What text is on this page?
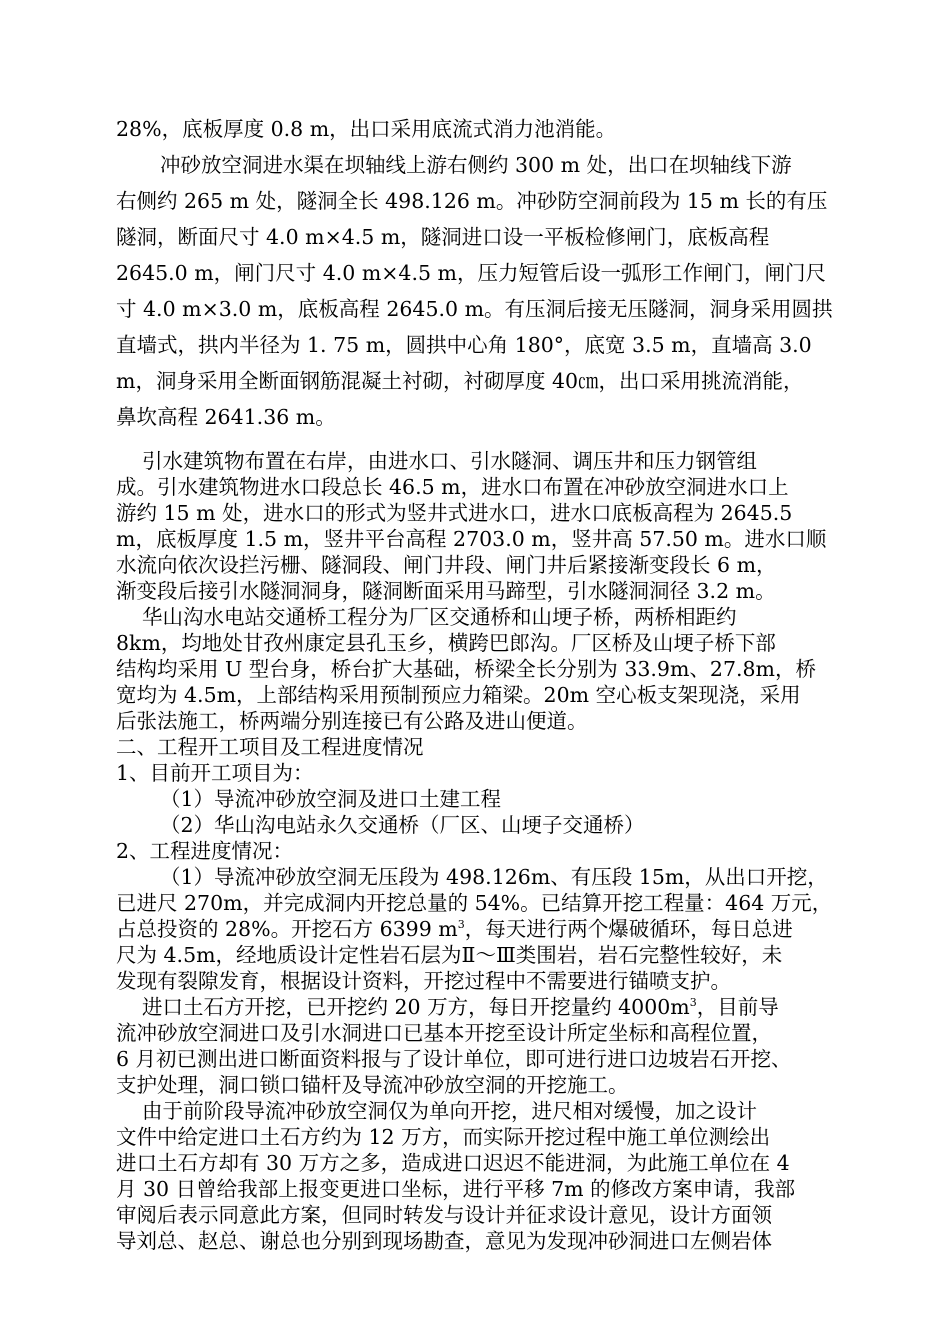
28%，底板厚度 0.8 m，出口采用底流式消力池消能。
冲砂放空洞进水渠在坝轴线上游右侧约 300 m 处，出口在坝轴线下游
右侧约 265 m 处，隧洞全长 498.126 m。冲砂防空洞前段为 15 m 长的有压
隧洞，断面尺寸 4.0 m×4.5 m，隧洞进口设一平板检修闸门，底板高程
2645.0 m，闸门尺寸 4.0 m×4.5 m，压力短管后设一弧形工作闸门，闸门尺
寸 4.0 m×3.0 m，底板高程 2645.0 m。有压洞后接无压隧洞，洞身采用圆拱
直墙式，拱内半径为 1. 75 m，圆拱中心角 180°，底宽 3.5 m，直墙高 3.0
m，洞身采用全断面钢筋混凝土衬砌，衬砌厚度 40㎝，出口采用挑流消能，
鼻坎高程 2641.36 m。
引水建筑物布置在右岸，由进水口、引水隧洞、调压井和压力钢管组
成。引水建筑物进水口段总长 46.5 m，进水口布置在冲砂放空洞进水口上
游约 15 m 处，进水口的形式为竖井式进水口，进水口底板高程为 2645.5
m，底板厚度 1.5 m，竖井平台高程 2703.0 m，竖井高 57.50 m。进水口顺
水流向依次设拦污栅、隧洞段、闸门井段、闸门井后紧接渐变段长 6 m，
渐变段后接引水隧洞洞身，隧洞断面采用马蹄型，引水隧洞洞径 3.2 m。
华山沟水电站交通桥工程分为厂区交通桥和山埂子桥，两桥相距约
8km，均地处甘孜州康定县孔玉乡，横跨巴郎沟。厂区桥及山埂子桥下部
结构均采用 U 型台身，桥台扩大基础，桥梁全长分别为 33.9m、27.8m，桥
宽均为 4.5m，上部结构采用预制预应力箱梁。20m 空心板支架现浇，采用
后张法施工，桥两端分别连接已有公路及进山便道。
二、工程开工项目及工程进度情况
1、目前开工项目为：
（1）导流冲砂放空洞及进口土建工程
（2）华山沟电站永久交通桥（厂区、山埂子交通桥）
2、工程进度情况：
（1）导流冲砂放空洞无压段为 498.126m、有压段 15m，从出口开挖，
已进尺 270m，并完成洞内开挖总量的 54%。已结算开挖工程量：464 万元，
占总投资的 28%。开挖石方 6399 $m^3$，每天进行两个爆破循环，每日总进
尺为 4.5m，经地质设计定性岩石层为Ⅱ～Ⅲ类围岩，岩石完整性较好，未
发现有裂隙发育，根据设计资料，开挖过程中不需要进行锚喷支护。
进口土石方开挖，已开挖约 20 万方，每日开挖量约 $4000m^3$，目前导
流冲砂放空洞进口及引水洞进口已基本开挖至设计所定坐标和高程位置，
6 月初已测出进口断面资料报与了设计单位，即可进行进口边坡岩石开挖、
支护处理，洞口锁口锚杆及导流冲砂放空洞的开挖施工。
由于前阶段导流冲砂放空洞仅为单向开挖，进尺相对缓慢，加之设计
文件中给定进口土石方约为 12 万方，而实际开挖过程中施工单位测绘出
进口土石方却有 30 万方之多，造成进口迟迟不能进洞，为此施工单位在 4
月 30 日曾给我部上报变更进口坐标，进行平移 7m 的修改方案申请，我部
审阅后表示同意此方案，但同时转发与设计并征求设计意见，设计方面领
导刘总、赵总、谢总也分别到现场勘查，意见为发现冲砂洞进口左侧岩体
